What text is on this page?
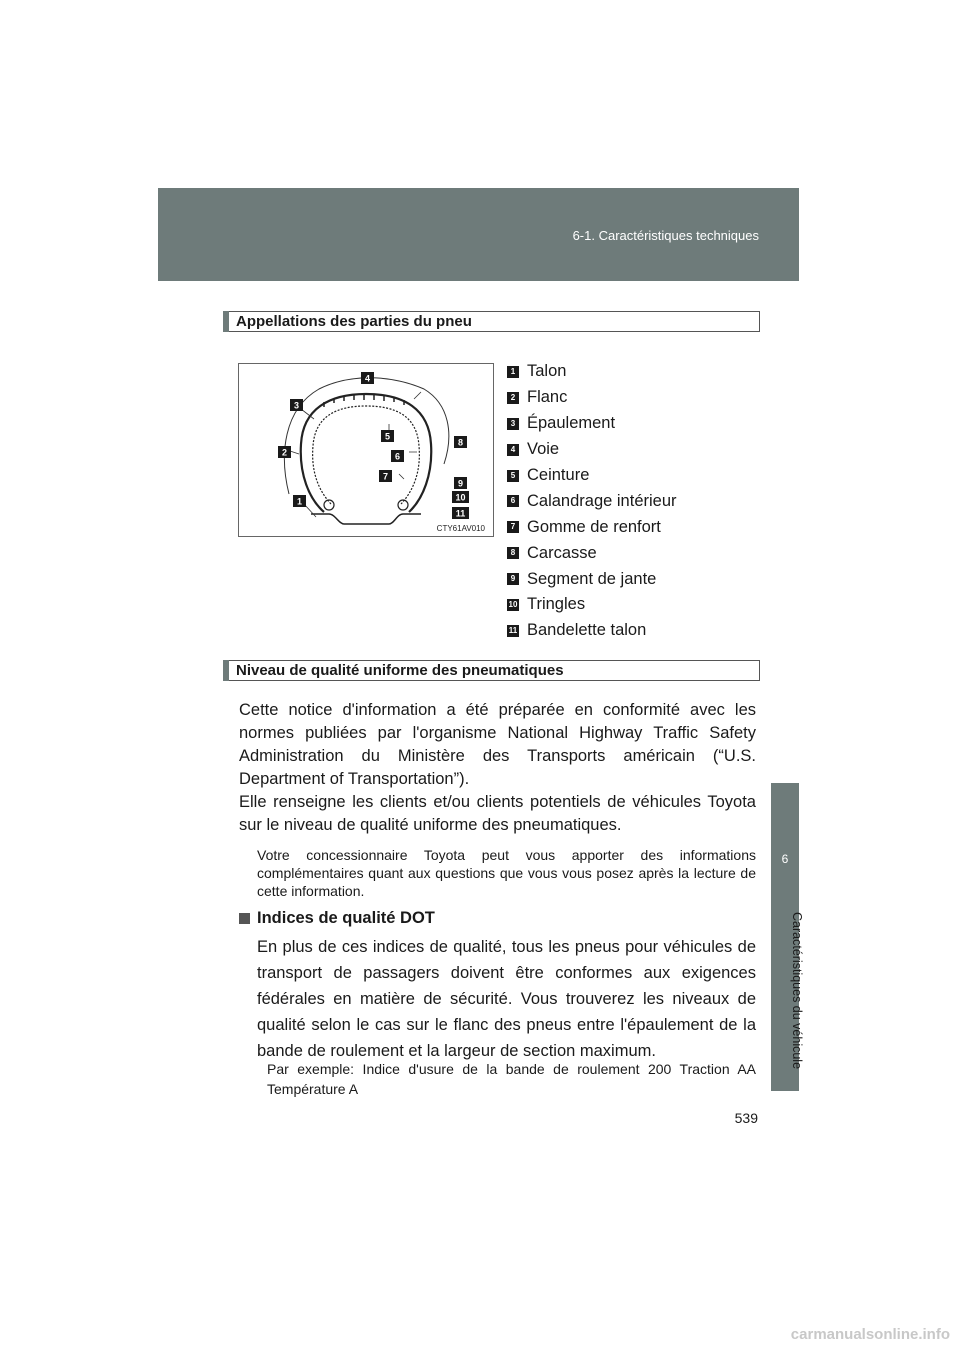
6-1. Caractéristiques techniques
6
Caractéristiques du véhicule
Appellations des parties du pneu
1
2
3
4
5
6
7
8
9
10
11
CTY61AV010
1 Talon
2 Flanc
3 Épaulement
4 Voie
5 Ceinture
6 Calandrage intérieur
7 Gomme de renfort
8 Carcasse
9 Segment de jante
10 Tringles
11 Bandelette talon
Niveau de qualité uniforme des pneumatiques

Cette notice d'information a été préparée en conformité avec les normes publiées par l'organisme National Highway Traffic Safety Administration du Ministère des Transports américain (“U.S. Department of Transportation”).

Elle renseigne les clients et/ou clients potentiels de véhicules Toyota sur le niveau de qualité uniforme des pneumatiques.

Votre concessionnaire Toyota peut vous apporter des informations complémentaires quant aux questions que vous vous posez après la lecture de cette information.

Indices de qualité DOT

En plus de ces indices de qualité, tous les pneus pour véhicules de transport de passagers doivent être conformes aux exigences fédérales en matière de sécurité. Vous trouverez les niveaux de qualité selon le cas sur le flanc des pneus entre l'épaulement de la bande de roulement et la largeur de section maximum.

Par exemple: Indice d'usure de la bande de roulement 200 Traction AA Température A

539
carmanualsonline.info
